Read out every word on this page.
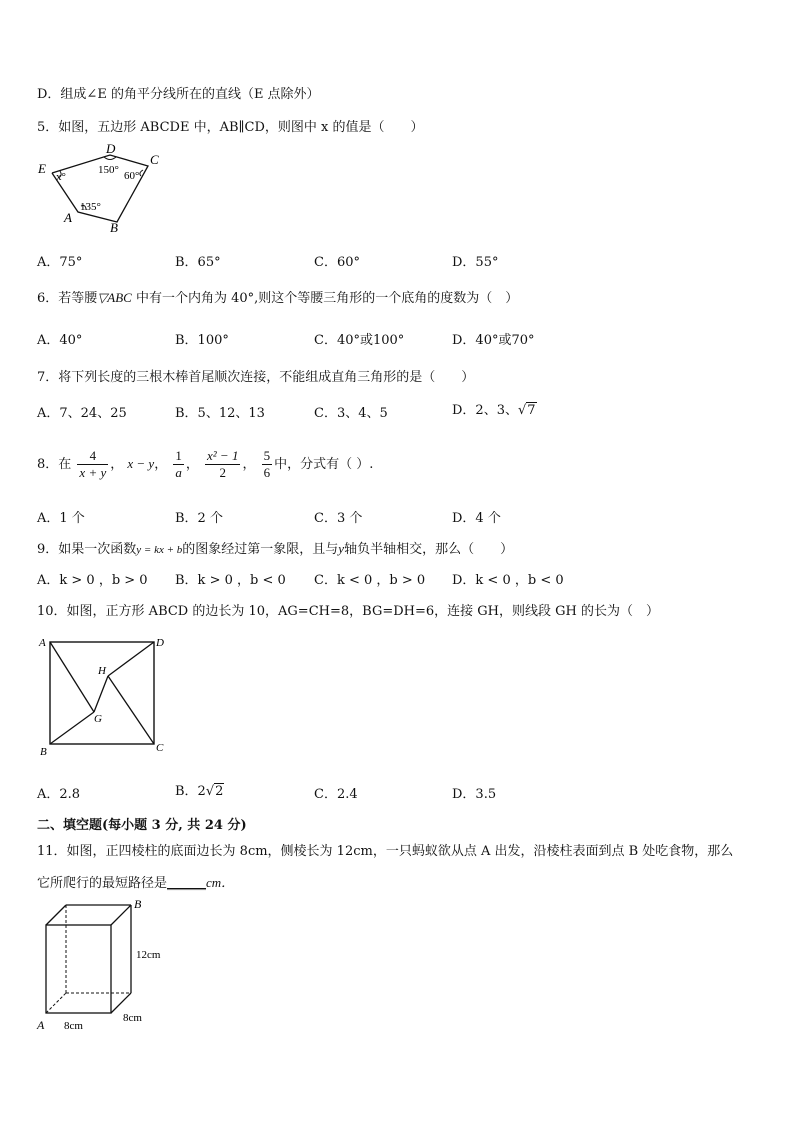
D．组成∠E 的角平分线所在的直线（E 点除外）
5．如图，五边形 ABCDE 中，AB∥CD，则图中 x 的值是（　　）
E
D
C
A
B
x°
150° 60°
135°
A．75°	B．65°	C．60°	D．55°
6．若等腰▽ABC 中有一个内角为 40°,则这个等腰三角形的一个底角的度数为（　）
A．40°	B．100°	C．40°或100°	D．40°或70°
7．将下列长度的三根木棒首尾顺次连接，不能组成直角三角形的是（　　）
A．7、24、25	B．5、12、13	C．3、4、5	D．2、3、√7
8．在 $\frac{4}{x + y}$ ， x − y， $\frac{1}{a}$ ， $\frac{\text{x² − 1}}{2}$ ， $\frac{5}{6}$ 中，分式有（ ）.
A．1 个	B．2 个	C．3 个	D．4 个
9．如果一次函数y = kx + b的图象经过第一象限，且与y轴负半轴相交，那么（　　）
A．k > 0 ，b > 0 B．k > 0 ，b < 0 C．k < 0 ，b > 0 D．k < 0 ，b < 0
10．如图，正方形 ABCD 的边长为 10，AG=CH=8，BG=DH=6，连接 GH，则线段 GH 的长为（　）
A	D
H
G
B	C
A．2.8	B．2√2	C．2.4	D．3.5
二、填空题(每小题 3 分, 共 24 分)
11．如图，正四棱柱的底面边长为 8cm，侧棱长为 12cm，一只蚂蚁欲从点 A 出发，沿棱柱表面到点 B 处吃食物，那么
它所爬行的最短路径是______cm．
B
A
12cm
8cm
8cm
